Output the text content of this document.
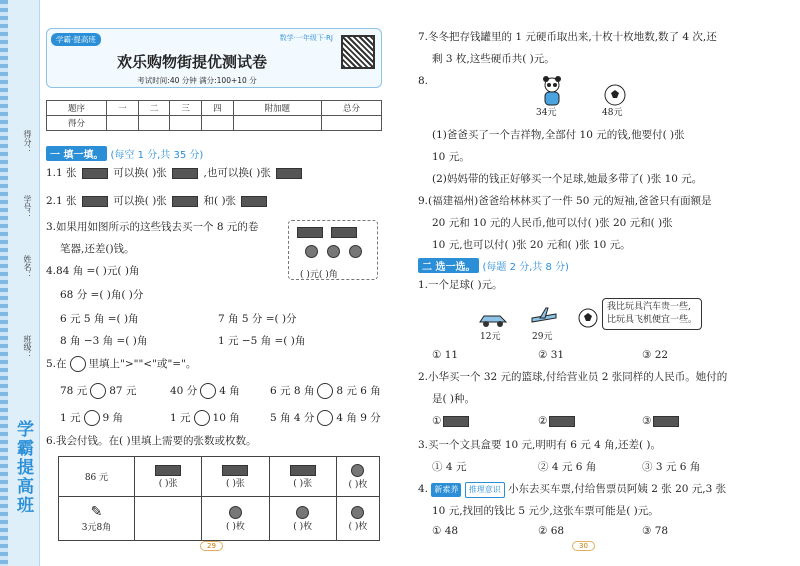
得分：
学号：
姓名：
班级：
学霸提高班
学霸·提高班	数学·一年级下·RJ
欢乐购物街提优测试卷
考试时间:40 分钟 满分:100+10 分
题序	一	二	三	四	附加题	总分
得分						
一 填一填。 (每空 1 分,共 35 分)
1.1 张	可以换( )张	,也可以换( )张
2.1 张	可以换( )张	和( )张
3.如果用如图所示的这些钱去买一个 8 元的卷
笔器,还差()钱。
( )元( )角
4.84 角 =( )元( )角
68 分 =( )角( )分
6 元 5 角 =( )角	7 角 5 分 =( )分
8 角 −3 角 =( )角	1 元 −5 角 =( )角
5.在 里填上">""<"或"="。
78 元 87 元	40 分 4 角	6 元 8 角 8 元 6 角
1 元 9 角	1 元 10 角	5 角 4 分 4 角 9 分
6.我会付钱。在( )里填上需要的张数或枚数。
86 元	( )张	( )张	( )张	( )枚
✎
3元8角		( )枚	( )枚	( )枚
29
7.冬冬把存钱罐里的 1 元硬币取出来,十枚十枚地数,数了 4 次,还
剩 3 枚,这些硬币共( )元。
8.
34元	48元
(1)爸爸买了一个吉祥物,全部付 10 元的钱,他要付( )张
10 元。
(2)妈妈带的钱正好够买一个足球,她最多带了( )张 10 元。
9.(福建福州)爸爸给林林买了一件 50 元的短袖,爸爸只有面额是
20 元和 10 元的人民币,他可以付( )张 20 元和( )张
10 元,也可以付( )张 20 元和( )张 10 元。
二 选一选。 (每题 2 分,共 8 分)
1.一个足球( )元。
12元	29元
我比玩具汽车贵一些,
比玩具飞机便宜一些。
① 11	② 31	③ 22
2.小华买一个 32 元的篮球,付给营业员 2 张同样的人民币。她付的
是( )种。
①	②	③
3.买一个文具盒要 10 元,明明有 6 元 4 角,还差( )。
① 4 元	② 4 元 6 角	③ 3 元 6 角
4. 新素养 推理意识 小东去买车票,付给售票员阿姨 2 张 20 元,3 张
10 元,找回的钱比 5 元少,这张车票可能是( )元。
① 48	② 68	③ 78
30
